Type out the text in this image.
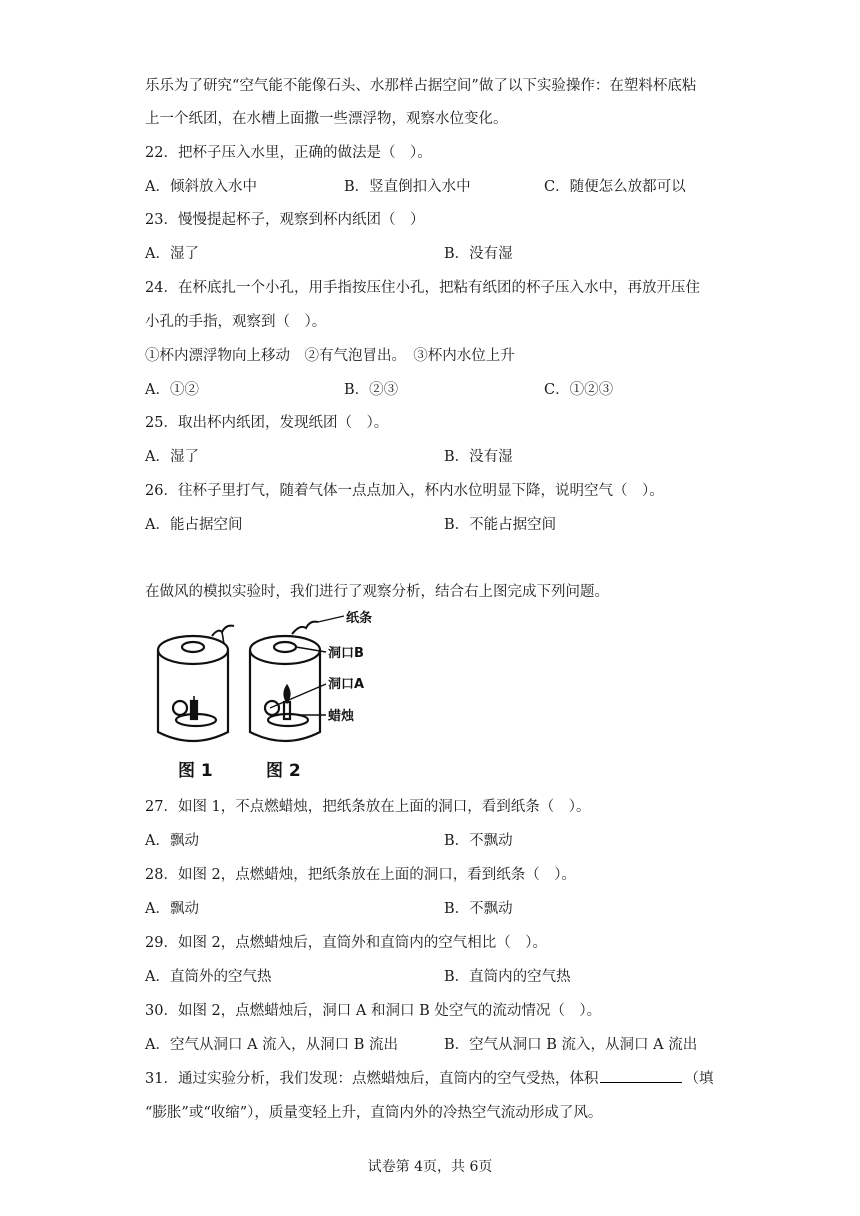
乐乐为了研究“空气能不能像石头、水那样占据空间”做了以下实验操作：在塑料杯底粘
上一个纸团，在水槽上面撒一些漂浮物，观察水位变化。
22．把杯子压入水里，正确的做法是（　）。
A．倾斜放入水中	B．竖直倒扣入水中	C．随便怎么放都可以
23．慢慢提起杯子，观察到杯内纸团（　）
A．湿了	B．没有湿
24．在杯底扎一个小孔，用手指按压住小孔，把粘有纸团的杯子压入水中，再放开压住
小孔的手指，观察到（　）。
①杯内漂浮物向上移动　②有气泡冒出。　③杯内水位上升
A．①②	B．②③	C．①②③
25．取出杯内纸团，发现纸团（　）。
A．湿了	B．没有湿
26．往杯子里打气，随着气体一点点加入，杯内水位明显下降，说明空气（　）。
A．能占据空间	B．不能占据空间
在做风的模拟实验时，我们进行了观察分析，结合右上图完成下列问题。
纸条
洞口B
洞口A
蜡烛
图 1	图 2
27．如图 1，不点燃蜡烛，把纸条放在上面的洞口，看到纸条（　）。
A．飘动	B．不飘动
28．如图 2，点燃蜡烛，把纸条放在上面的洞口，看到纸条（　）。
A．飘动	B．不飘动
29．如图 2，点燃蜡烛后，直筒外和直筒内的空气相比（　）。
A．直筒外的空气热	B．直筒内的空气热
30．如图 2，点燃蜡烛后，洞口 A 和洞口 B 处空气的流动情况（　）。
A．空气从洞口 A 流入，从洞口 B 流出	B．空气从洞口 B 流入，从洞口 A 流出
31．通过实验分析，我们发现：点燃蜡烛后，直筒内的空气受热，体积	（填
“膨胀”或“收缩”），质量变轻上升，直筒内外的冷热空气流动形成了风。
试卷第 4页，共 6页
